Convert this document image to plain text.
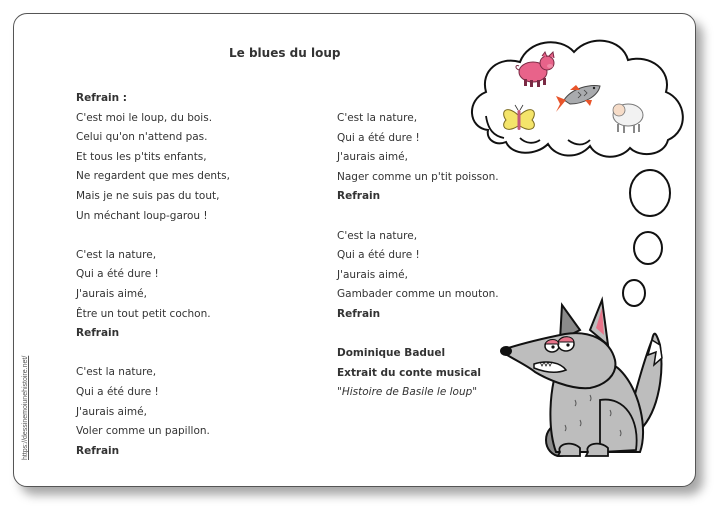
https://dessinemoiunehistoire.net/
Le blues du loup
Refrain :
C'est moi le loup, du bois.
Celui qu'on n'attend pas.
Et tous les p'tits enfants,
Ne regardent que mes dents,
Mais je ne suis pas du tout,
Un méchant loup-garou !
C'est la nature,
Qui a été dure !
J'aurais aimé,
Être un tout petit cochon.
Refrain
C'est la nature,
Qui a été dure !
J'aurais aimé,
Voler comme un papillon.
Refrain
C'est la nature,
Qui a été dure !
J'aurais aimé,
Nager comme un p'tit poisson.
Refrain
C'est la nature,
Qui a été dure !
J'aurais aimé,
Gambader comme un mouton.
Refrain
Dominique Baduel
Extrait du conte musical
"Histoire de Basile le loup"
